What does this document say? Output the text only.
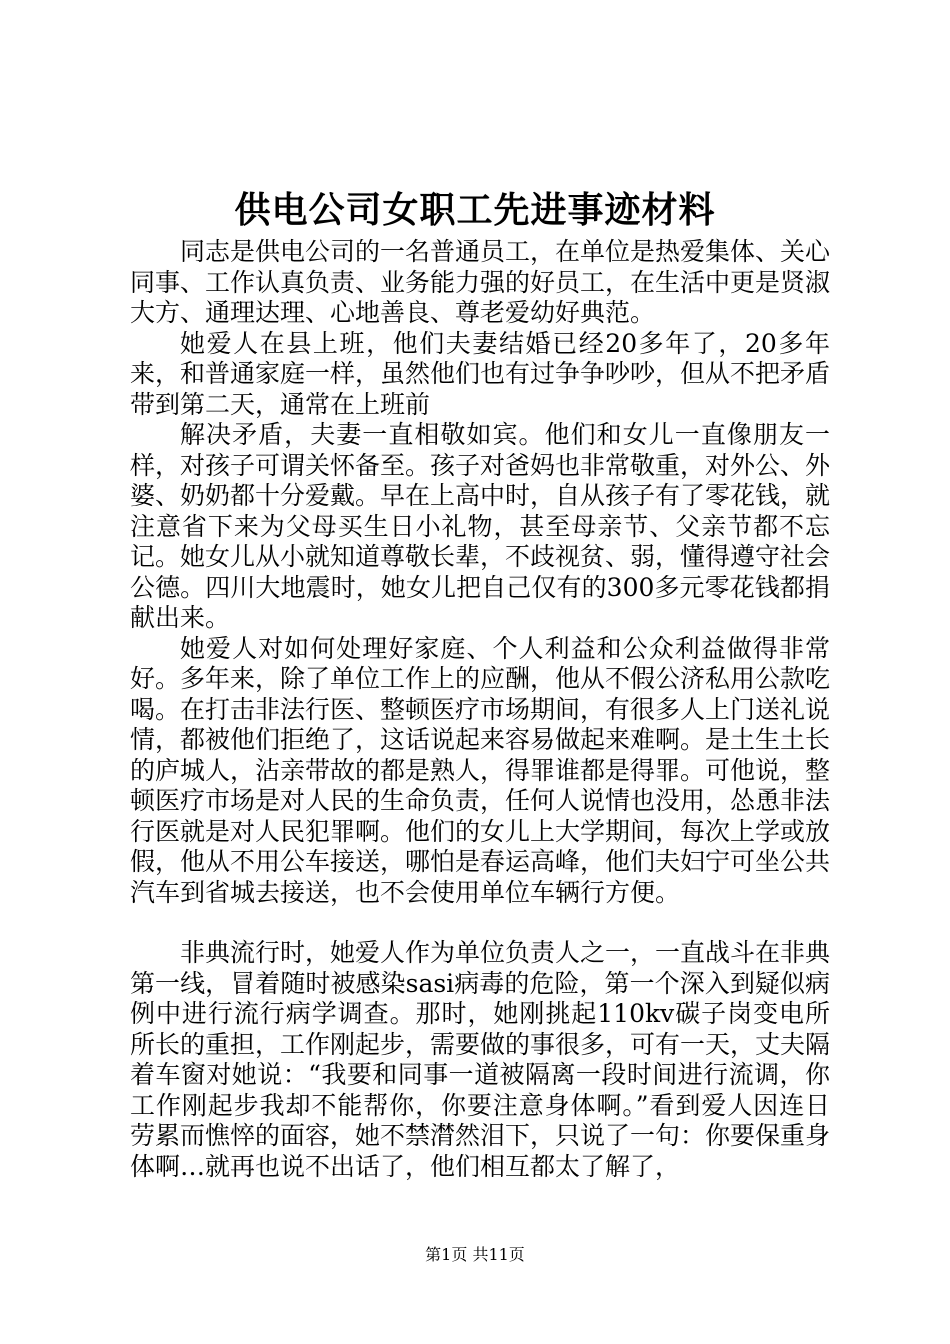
供电公司女职工先进事迹材料

同志是供电公司的一名普通员工，在单位是热爱集体、关心同事、工作认真负责、业务能力强的好员工，在生活中更是贤淑大方、通理达理、心地善良、尊老爱幼好典范。

她爱人在县上班，他们夫妻结婚已经20多年了，20多年来，和普通家庭一样，虽然他们也有过争争吵吵，但从不把矛盾带到第二天，通常在上班前

解决矛盾，夫妻一直相敬如宾。他们和女儿一直像朋友一样，对孩子可谓关怀备至。孩子对爸妈也非常敬重，对外公、外婆、奶奶都十分爱戴。早在上高中时，自从孩子有了零花钱，就注意省下来为父母买生日小礼物，甚至母亲节、父亲节都不忘记。她女儿从小就知道尊敬长辈，不歧视贫、弱，懂得遵守社会公德。四川大地震时，她女儿把自己仅有的300多元零花钱都捐献出来。

她爱人对如何处理好家庭、个人利益和公众利益做得非常好。多年来，除了单位工作上的应酬，他从不假公济私用公款吃喝。在打击非法行医、整顿医疗市场期间，有很多人上门送礼说情，都被他们拒绝了，这话说起来容易做起来难啊。是土生土长的庐城人，沾亲带故的都是熟人，得罪谁都是得罪。可他说，整顿医疗市场是对人民的生命负责，任何人说情也没用，怂恿非法行医就是对人民犯罪啊。他们的女儿上大学期间，每次上学或放假，他从不用公车接送，哪怕是春运高峰，他们夫妇宁可坐公共汽车到省城去接送，也不会使用单位车辆行方便。

非典流行时，她爱人作为单位负责人之一，一直战斗在非典第一线，冒着随时被感染sasi病毒的危险，第一个深入到疑似病例中进行流行病学调查。那时，她刚挑起110kv碳子岗变电所所长的重担，工作刚起步，需要做的事很多，可有一天，丈夫隔着车窗对她说：“我要和同事一道被隔离一段时间进行流调，你工作刚起步我却不能帮你，你要注意身体啊。”看到爱人因连日劳累而憔悴的面容，她不禁潸然泪下，只说了一句：你要保重身体啊…就再也说不出话了，他们相互都太了解了，

第1页 共11页
